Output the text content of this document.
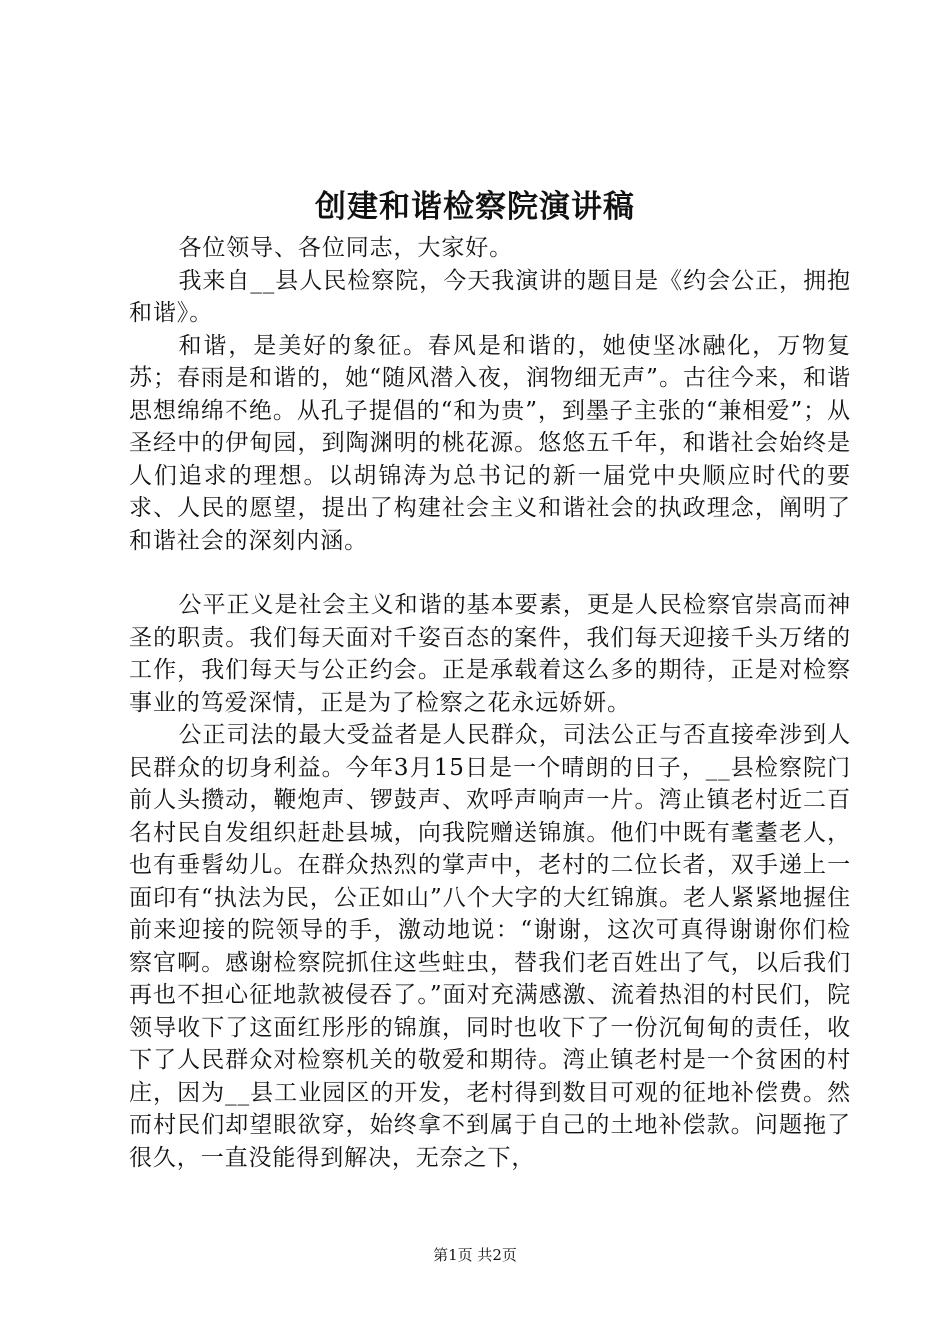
创建和谐检察院演讲稿

各位领导、各位同志，大家好。

我来自__县人民检察院，今天我演讲的题目是《约会公正，拥抱和谐》。

和谐，是美好的象征。春风是和谐的，她使坚冰融化，万物复苏；春雨是和谐的，她“随风潜入夜，润物细无声”。古往今来，和谐思想绵绵不绝。从孔子提倡的“和为贵”，到墨子主张的“兼相爱”；从圣经中的伊甸园，到陶渊明的桃花源。悠悠五千年，和谐社会始终是人们追求的理想。以胡锦涛为总书记的新一届党中央顺应时代的要求、人民的愿望，提出了构建社会主义和谐社会的执政理念，阐明了和谐社会的深刻内涵。

公平正义是社会主义和谐的基本要素，更是人民检察官崇高而神圣的职责。我们每天面对千姿百态的案件，我们每天迎接千头万绪的工作，我们每天与公正约会。正是承载着这么多的期待，正是对检察事业的笃爱深情，正是为了检察之花永远娇妍。

公正司法的最大受益者是人民群众，司法公正与否直接牵涉到人民群众的切身利益。今年3月15日是一个晴朗的日子，__县检察院门前人头攒动，鞭炮声、锣鼓声、欢呼声响声一片。湾止镇老村近二百名村民自发组织赶赴县城，向我院赠送锦旗。他们中既有耄耋老人，也有垂髫幼儿。在群众热烈的掌声中，老村的二位长者，双手递上一面印有“执法为民，公正如山”八个大字的大红锦旗。老人紧紧地握住前来迎接的院领导的手，激动地说：“谢谢，这次可真得谢谢你们检察官啊。感谢检察院抓住这些蛀虫，替我们老百姓出了气，以后我们再也不担心征地款被侵吞了。”面对充满感激、流着热泪的村民们，院领导收下了这面红彤彤的锦旗，同时也收下了一份沉甸甸的责任，收下了人民群众对检察机关的敬爱和期待。湾止镇老村是一个贫困的村庄，因为__县工业园区的开发，老村得到数目可观的征地补偿费。然而村民们却望眼欲穿，始终拿不到属于自己的土地补偿款。问题拖了很久，一直没能得到解决，无奈之下，

第1页 共2页
